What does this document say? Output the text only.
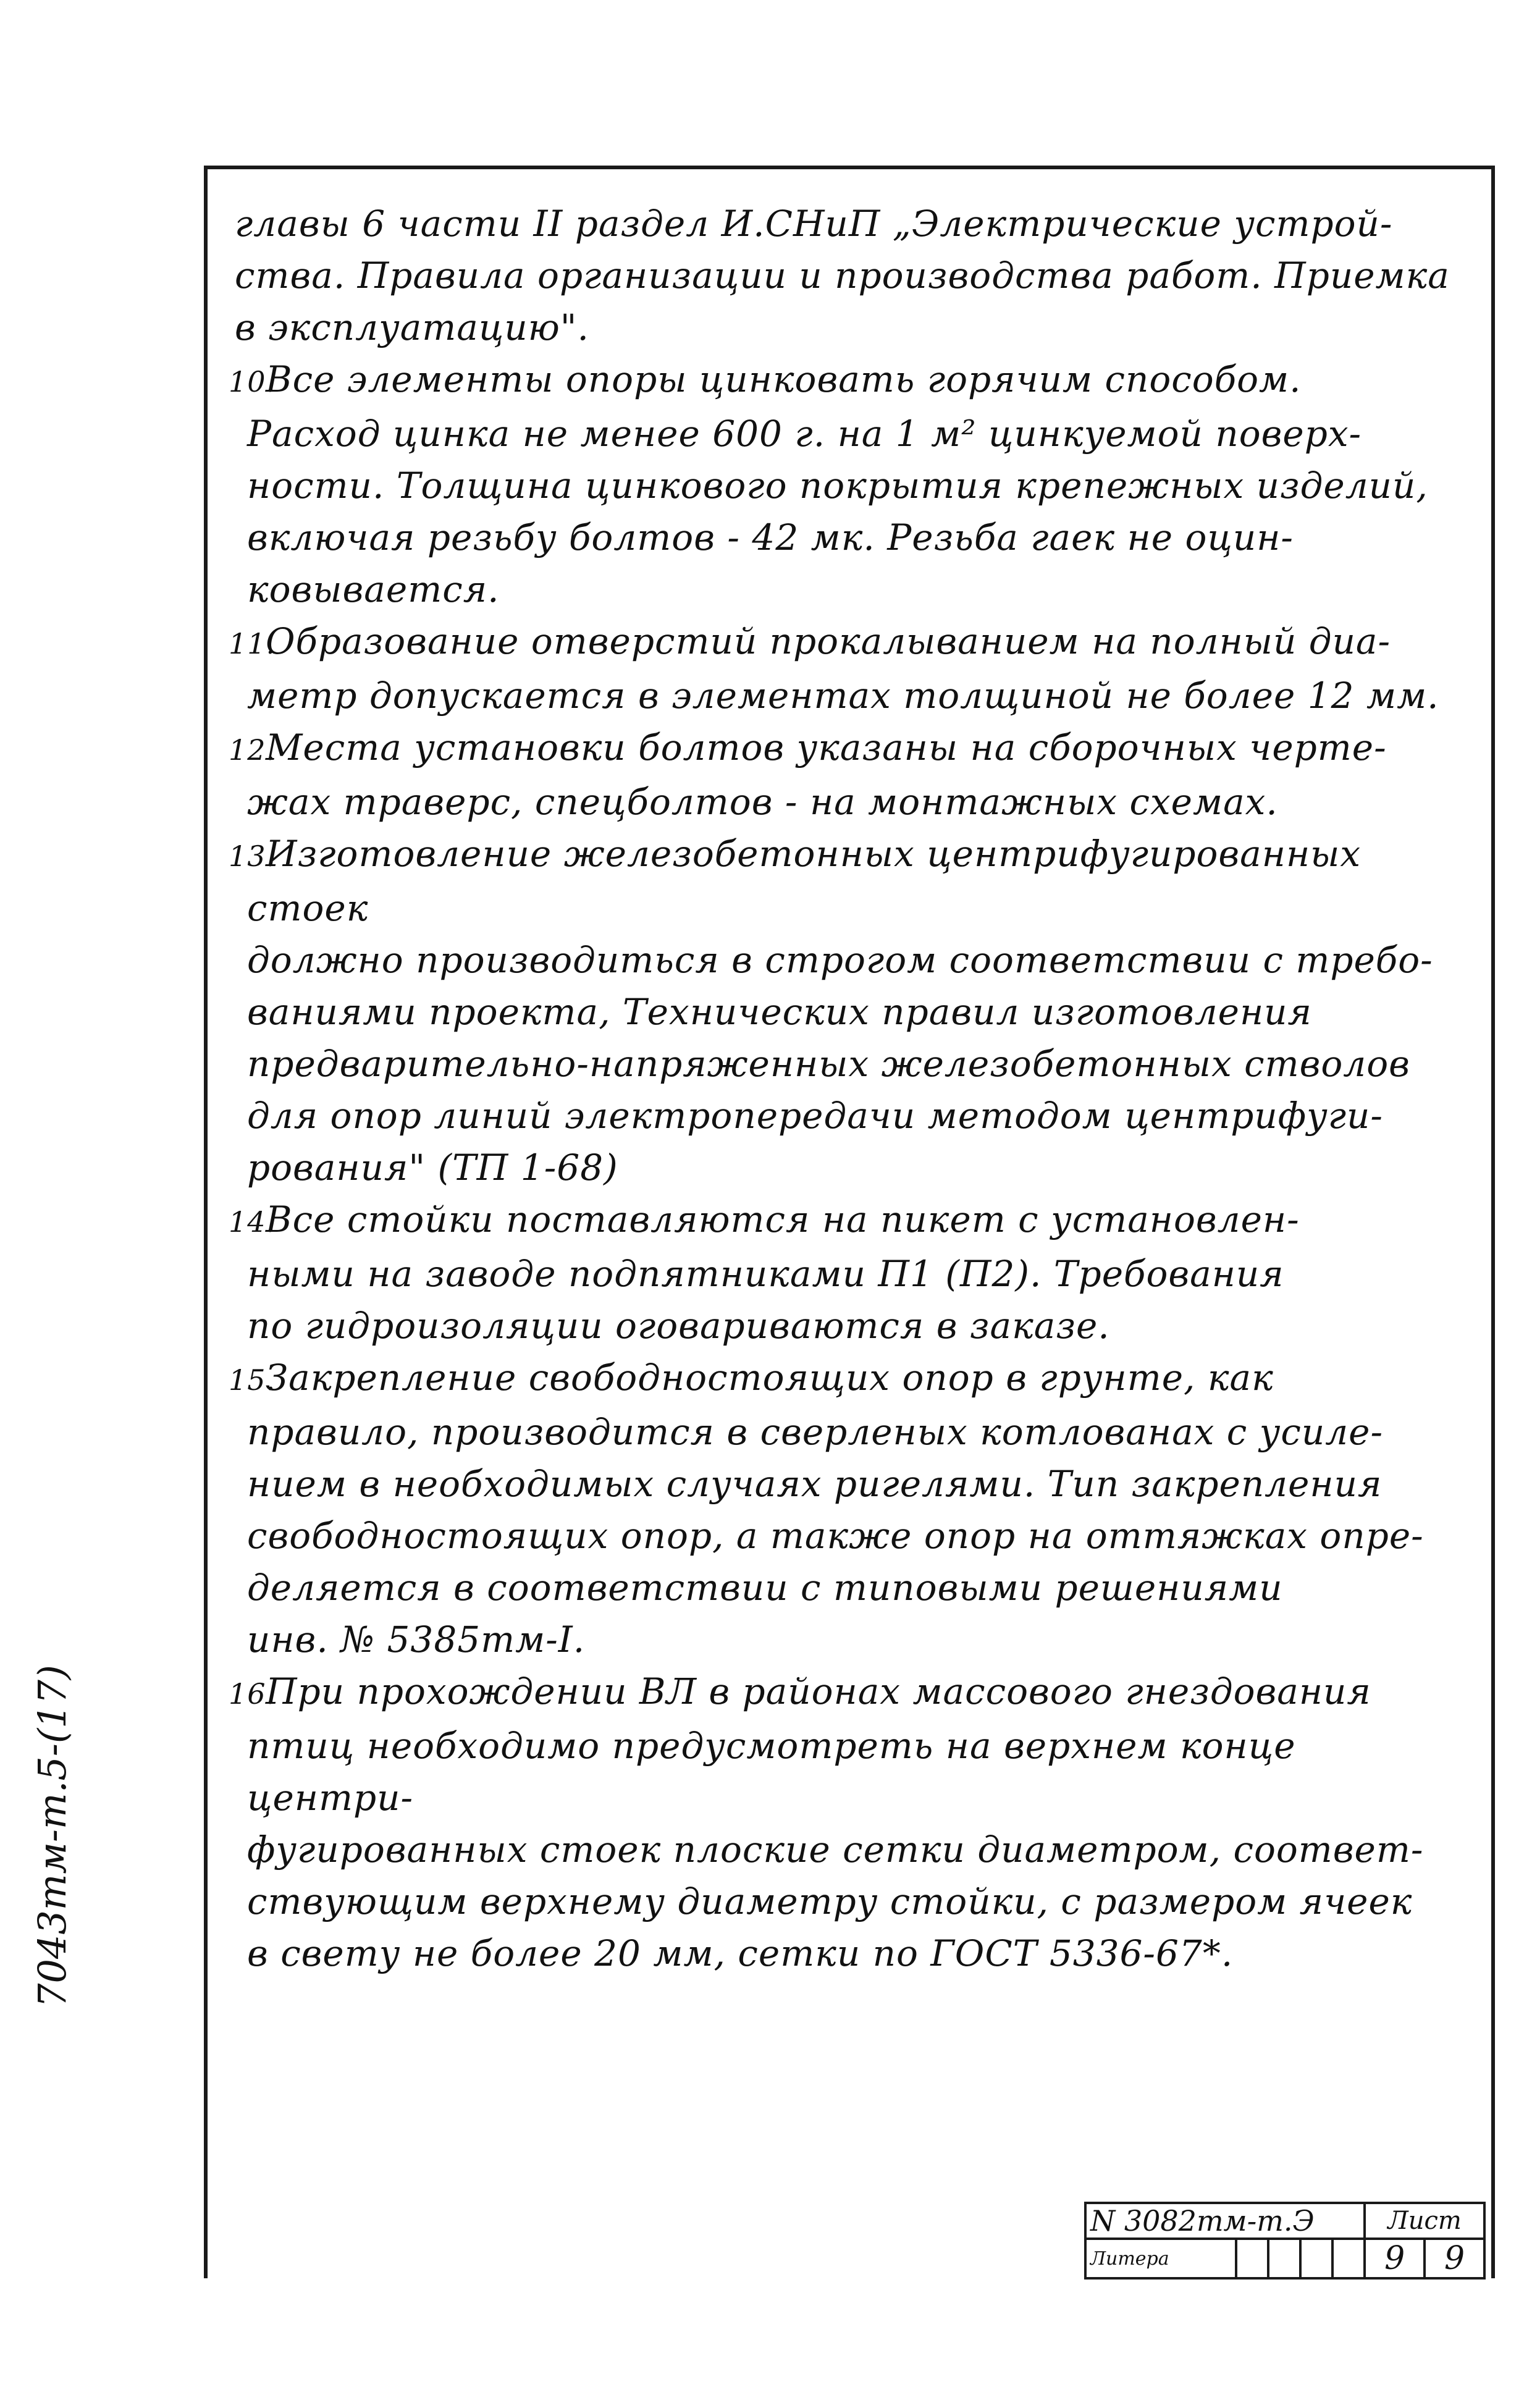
главы 6 части II раздел И.СНиП „Электрические устрой-
ства. Правила организации и производства работ. Приемка
в эксплуатацию".

10.Все элементы опоры цинковать горячим способом.
Расход цинка не менее 600 г. на 1 м² цинкуемой поверх-
ности. Толщина цинкового покрытия крепежных изделий,
включая резьбу болтов - 42 мк. Резьба гаек не оцин-
ковывается.

11.Образование отверстий прокалыванием на полный диа-
метр допускается в элементах толщиной не более 12 мм.

12.Места установки болтов указаны на сборочных черте-
жах траверс, спецболтов - на монтажных схемах.

13.Изготовление железобетонных центрифугированных стоек
должно производиться в строгом соответствии с требо-
ваниями проекта, Технических правил изготовления
предварительно-напряженных железобетонных стволов
для опор линий электропередачи методом центрифуги-
рования" (ТП 1-68)

14.Все стойки поставляются на пикет с установлен-
ными на заводе подпятниками П1 (П2). Требования
по гидроизоляции оговариваются в заказе.

15.Закрепление свободностоящих опор в грунте, как
правило, производится в сверленых котлованах с усиле-
нием в необходимых случаях ригелями. Тип закрепления
свободностоящих опор, а также опор на оттяжках опре-
деляется в соответствии с типовыми решениями
инв. № 5385тм-I.

16.При прохождении ВЛ в районах массового гнездования
птиц необходимо предусмотреть на верхнем конце центри-
фугированных стоек плоские сетки диаметром, соответ-
ствующим верхнему диаметру стойки, с размером ячеек
в свету не более 20 мм, сетки по ГОСТ 5336-67*.

7043тм-т.5-(17)
N 3082тм-т.Э					Лист	
Литера					9	9
